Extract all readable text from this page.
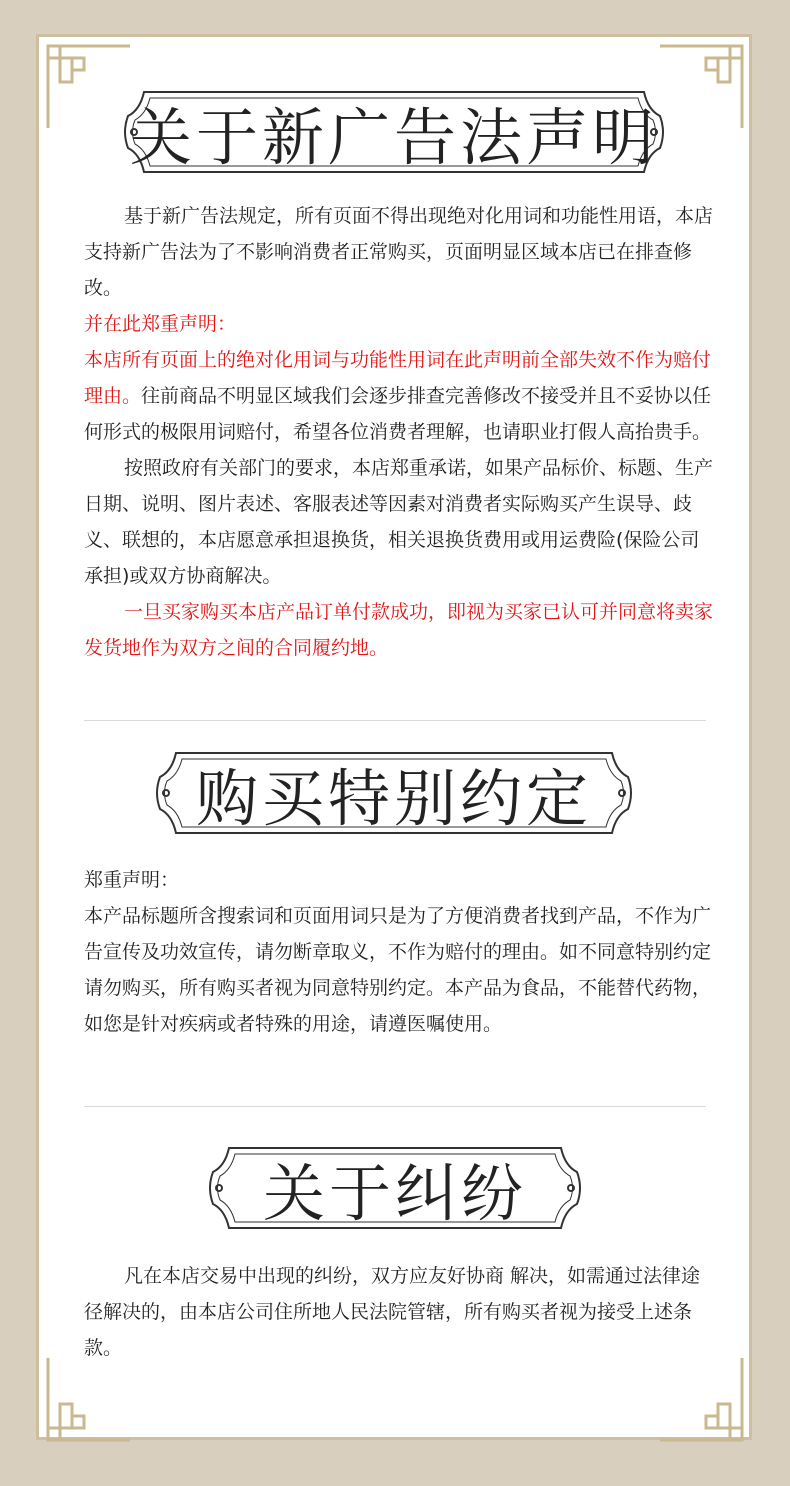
关于新广告法声明

基于新广告法规定，所有页面不得出现绝对化用词和功能性用语，本店支持新广告法为了不影响消费者正常购买，页面明显区域本店已在排查修改。

并在此郑重声明：

本店所有页面上的绝对化用词与功能性用词在此声明前全部失效不作为赔付理由。往前商品不明显区域我们会逐步排查完善修改不接受并且不妥协以任何形式的极限用词赔付，希望各位消费者理解，也请职业打假人高抬贵手。

按照政府有关部门的要求，本店郑重承诺，如果产品标价、标题、生产日期、说明、图片表述、客服表述等因素对消费者实际购买产生误导、歧义、联想的，本店愿意承担退换货，相关退换货费用或用运费险(保险公司承担)或双方协商解决。

一旦买家购买本店产品订单付款成功，即视为买家已认可并同意将卖家发货地作为双方之间的合同履约地。

购买特别约定

郑重声明：

本产品标题所含搜索词和页面用词只是为了方便消费者找到产品，不作为广告宣传及功效宣传，请勿断章取义，不作为赔付的理由。如不同意特别约定请勿购买，所有购买者视为同意特别约定。本产品为食品，不能替代药物，如您是针对疾病或者特殊的用途，请遵医嘱使用。

关于纠纷

凡在本店交易中出现的纠纷，双方应友好协商 解决，如需通过法律途径解决的，由本店公司住所地人民法院管辖，所有购买者视为接受上述条款。
